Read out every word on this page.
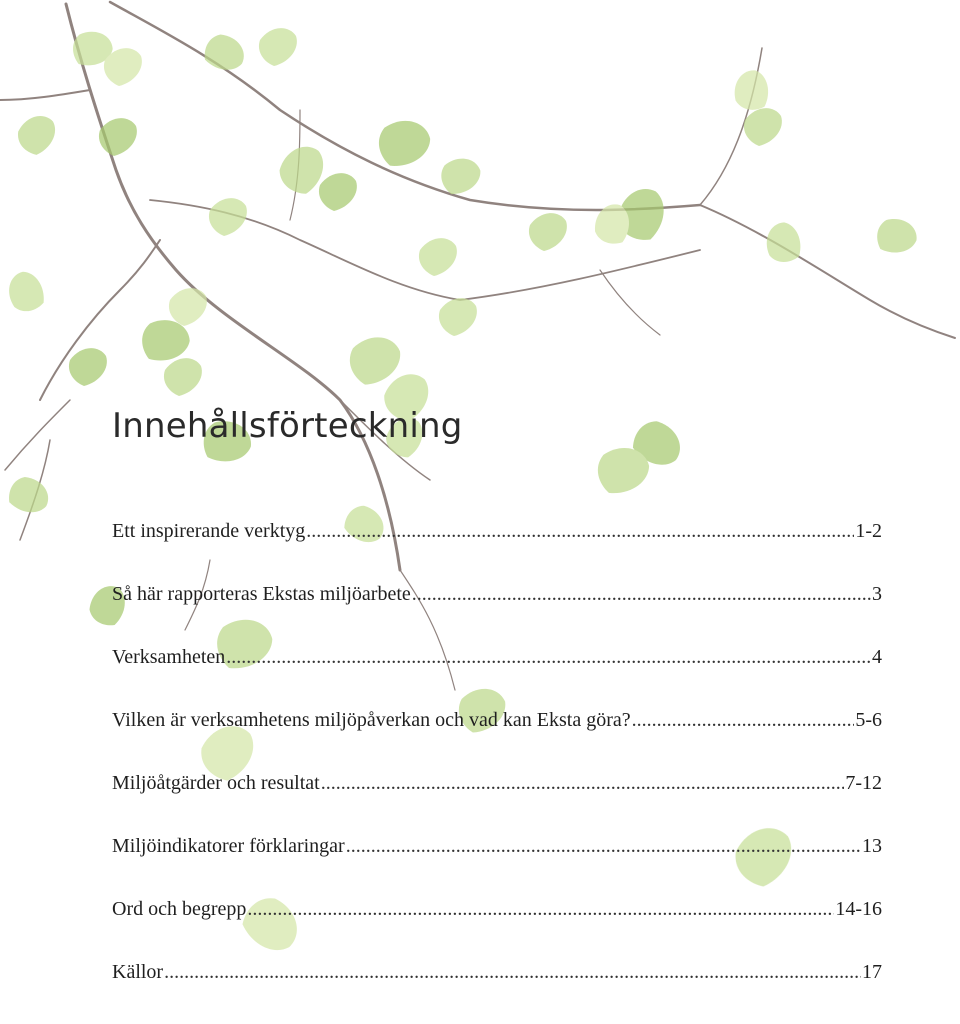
Innehållsförteckning
Ett inspirerande verktyg .....	1-2
Så här rapporteras Ekstas miljöarbete .....	3
Verksamheten .....	4
Vilken är verksamhetens miljöpåverkan och vad kan Eksta göra? .....	5-6
Miljöåtgärder och resultat .....	7-12
Miljöindikatorer förklaringar .....	13
Ord och begrepp .....	14-16
Källor .....	17
